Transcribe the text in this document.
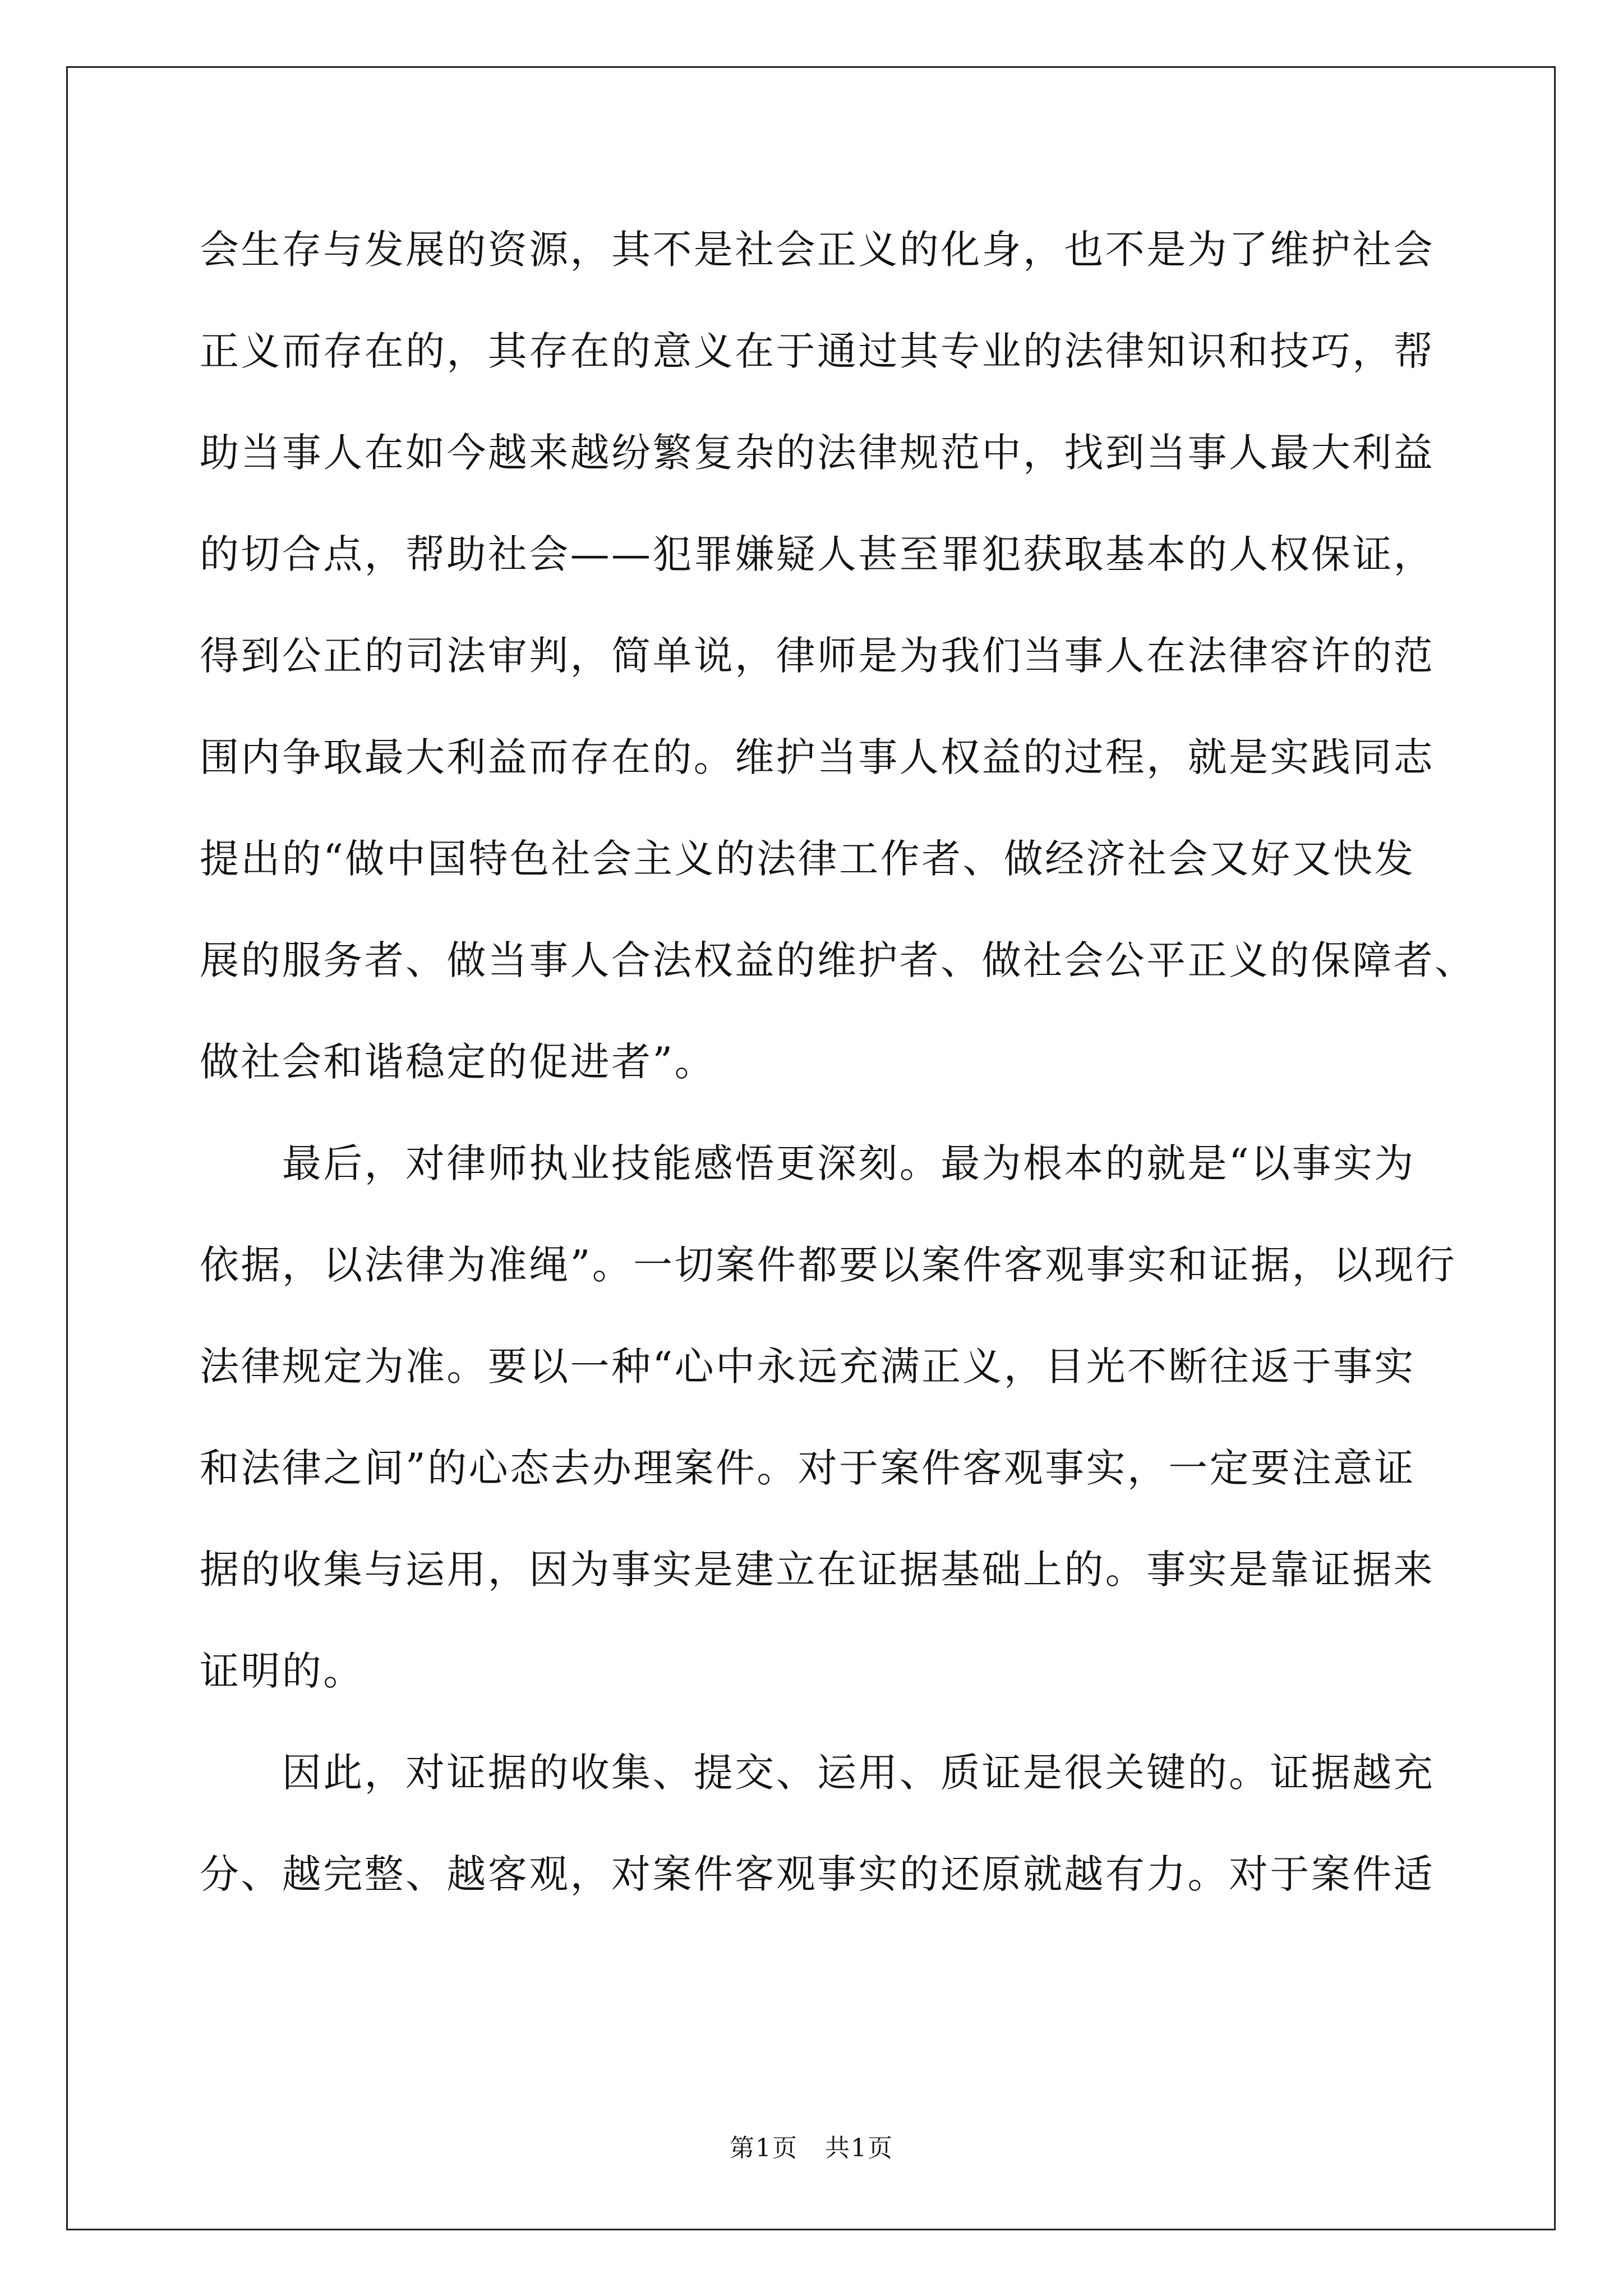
会生存与发展的资源，其不是社会正义的化身，也不是为了维护社会
正义而存在的，其存在的意义在于通过其专业的法律知识和技巧，帮
助当事人在如今越来越纷繁复杂的法律规范中，找到当事人最大利益
的切合点，帮助社会——犯罪嫌疑人甚至罪犯获取基本的人权保证，
得到公正的司法审判，简单说，律师是为我们当事人在法律容许的范
围内争取最大利益而存在的。维护当事人权益的过程，就是实践同志
提出的“做中国特色社会主义的法律工作者、做经济社会又好又快发
展的服务者、做当事人合法权益的维护者、做社会公平正义的保障者、
做社会和谐稳定的促进者”。
　　最后，对律师执业技能感悟更深刻。最为根本的就是“以事实为
依据，以法律为准绳”。一切案件都要以案件客观事实和证据，以现行
法律规定为准。要以一种“心中永远充满正义，目光不断往返于事实
和法律之间”的心态去办理案件。对于案件客观事实，一定要注意证
据的收集与运用，因为事实是建立在证据基础上的。事实是靠证据来
证明的。
　　因此，对证据的收集、提交、运用、质证是很关键的。证据越充
分、越完整、越客观，对案件客观事实的还原就越有力。对于案件适
第1页   共1页
